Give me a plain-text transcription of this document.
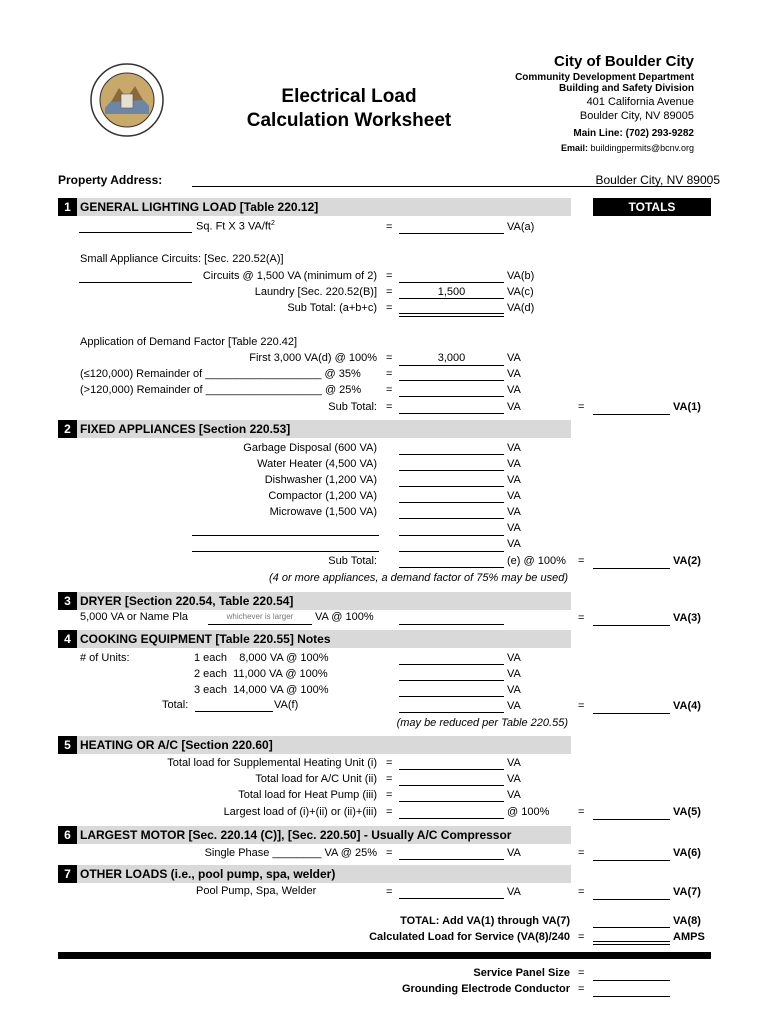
Electrical Load
Calculation Worksheet
City of Boulder City
Community Development Department
Building and Safety Division
401 California Avenue
Boulder City, NV 89005
Main Line: (702) 293-9282
Email: buildingpermits@bcnv.org
Property Address:	Boulder City, NV 89005
1 GENERAL LIGHTING LOAD [Table 220.12]	TOTALS
Sq. Ft X 3 $VA/ft^2$	=	VA(a)
Small Appliance Circuits: [Sec. 220.52(A)]
Circuits @ 1,500 VA (minimum of 2) =	VA(b)
Laundry [Sec. 220.52(B)] =	1,500	VA(c)
Sub Total: (a+b+c) =	VA(d)
Application of Demand Factor [Table 220.42]
First 3,000 VA(d) @ 100% =	3,000	VA
(≤120,000) Remainder of ___________________ @ 35% =	VA
(>120,000) Remainder of ___________________ @ 25% =	VA
Sub Total: =	VA	=	VA(1)
2 FIXED APPLIANCES [Section 220.53]
Garbage Disposal (600 VA)	VA
Water Heater (4,500 VA)	VA
Dishwasher (1,200 VA)	VA
Compactor (1,200 VA)	VA
Microwave (1,500 VA)	VA
VA
VA
Sub Total:	(e) @ 100% =	VA(2)
(4 or more appliances, a demand factor of 75% may be used)
3 DRYER [Section 220.54, Table 220.54]
5,000 VA or Name Pla	whichever is larger	VA @ 100%	=	VA(3)
4 COOKING EQUIPMENT [Table 220.55] Notes
# of Units:	1 each    8,000 VA @ 100%	VA
2 each  11,000 VA @ 100%	VA
3 each  14,000 VA @ 100%	VA
Total:	VA(f)	VA	=	VA(4)
(may be reduced per Table 220.55)
5 HEATING OR A/C [Section 220.60]
Total load for Supplemental Heating Unit (i) =	VA
Total load for A/C Unit (ii) =	VA
Total load for Heat Pump (iii) =	VA
Largest load of (i)+(ii) or (ii)+(iii) =	@ 100%	=	VA(5)
6 LARGEST MOTOR [Sec. 220.14 (C)], [Sec. 220.50] - Usually A/C Compressor
Single Phase ________ VA @ 25% =	VA	=	VA(6)
7 OTHER LOADS (i.e., pool pump, spa, welder)
Pool Pump, Spa, Welder	=	VA	=	VA(7)
TOTAL: Add VA(1) through VA(7)	VA(8)
Calculated Load for Service (VA(8)/240 =	AMPS
Service Panel Size =
Grounding Electrode Conductor =
